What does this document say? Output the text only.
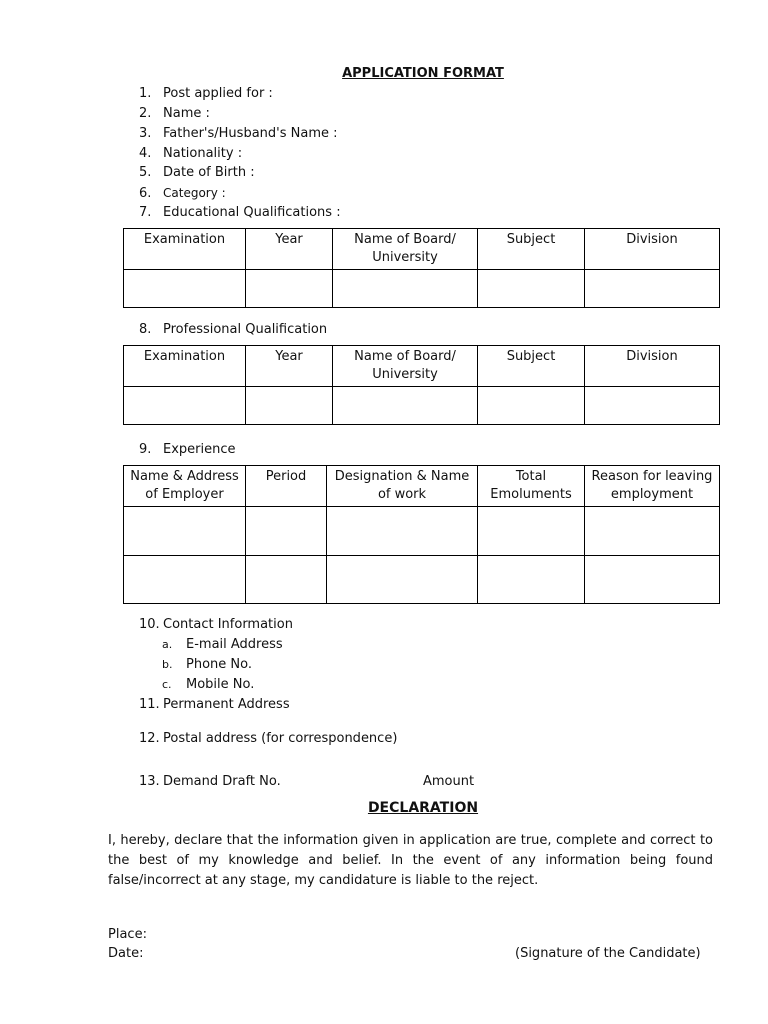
APPLICATION FORMAT
1. Post applied for :
2. Name :
3. Father's/Husband's Name :
4. Nationality :
5. Date of Birth :
6. Category :
7. Educational Qualifications :
Examination	Year	Name of Board/ University	Subject	Division

8. Professional Qualification
Examination	Year	Name of Board/ University	Subject	Division

9. Experience
Name & Address of Employer	Period	Designation & Name of work	Total Emoluments	Reason for leaving employment

10. Contact Information
a. E-mail Address
b. Phone No.
c. Mobile No.
11. Permanent Address
12. Postal address (for correspondence)
13. Demand Draft No.	Amount
DECLARATION
I, hereby, declare that the information given in application are true, complete and correct to the best of my knowledge and belief. In the event of any information being found false/incorrect at any stage, my candidature is liable to the reject.
Place:
Date:	(Signature of the Candidate)
